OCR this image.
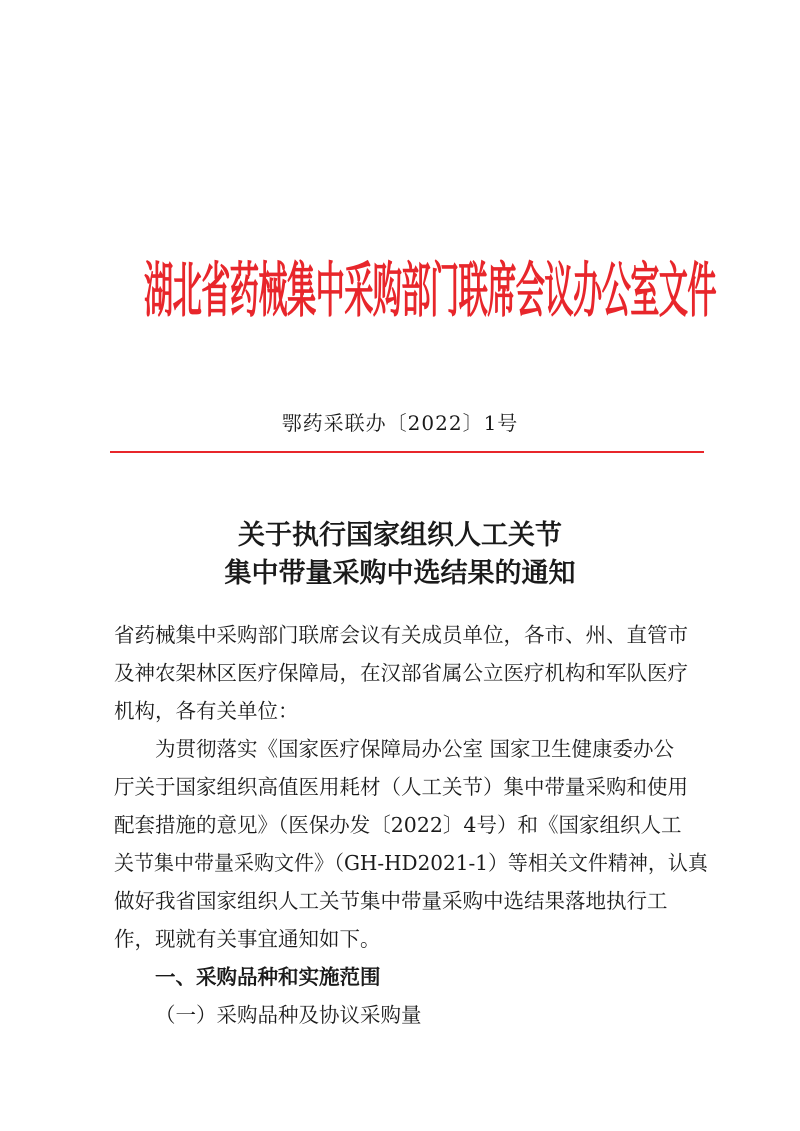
湖北省药械集中采购部门联席会议办公室文件
鄂药采联办〔2022〕1号
关于执行国家组织人工关节
集中带量采购中选结果的通知
省药械集中采购部门联席会议有关成员单位，各市、州、直管市
及神农架林区医疗保障局，在汉部省属公立医疗机构和军队医疗
机构，各有关单位：
为贯彻落实《国家医疗保障局办公室 国家卫生健康委办公
厅关于国家组织高值医用耗材（人工关节）集中带量采购和使用
配套措施的意见》（医保办发〔2022〕4号）和《国家组织人工
关节集中带量采购文件》（GH-HD2021-1）等相关文件精神，认真
做好我省国家组织人工关节集中带量采购中选结果落地执行工
作，现就有关事宜通知如下。
一、采购品种和实施范围
（一）采购品种及协议采购量
